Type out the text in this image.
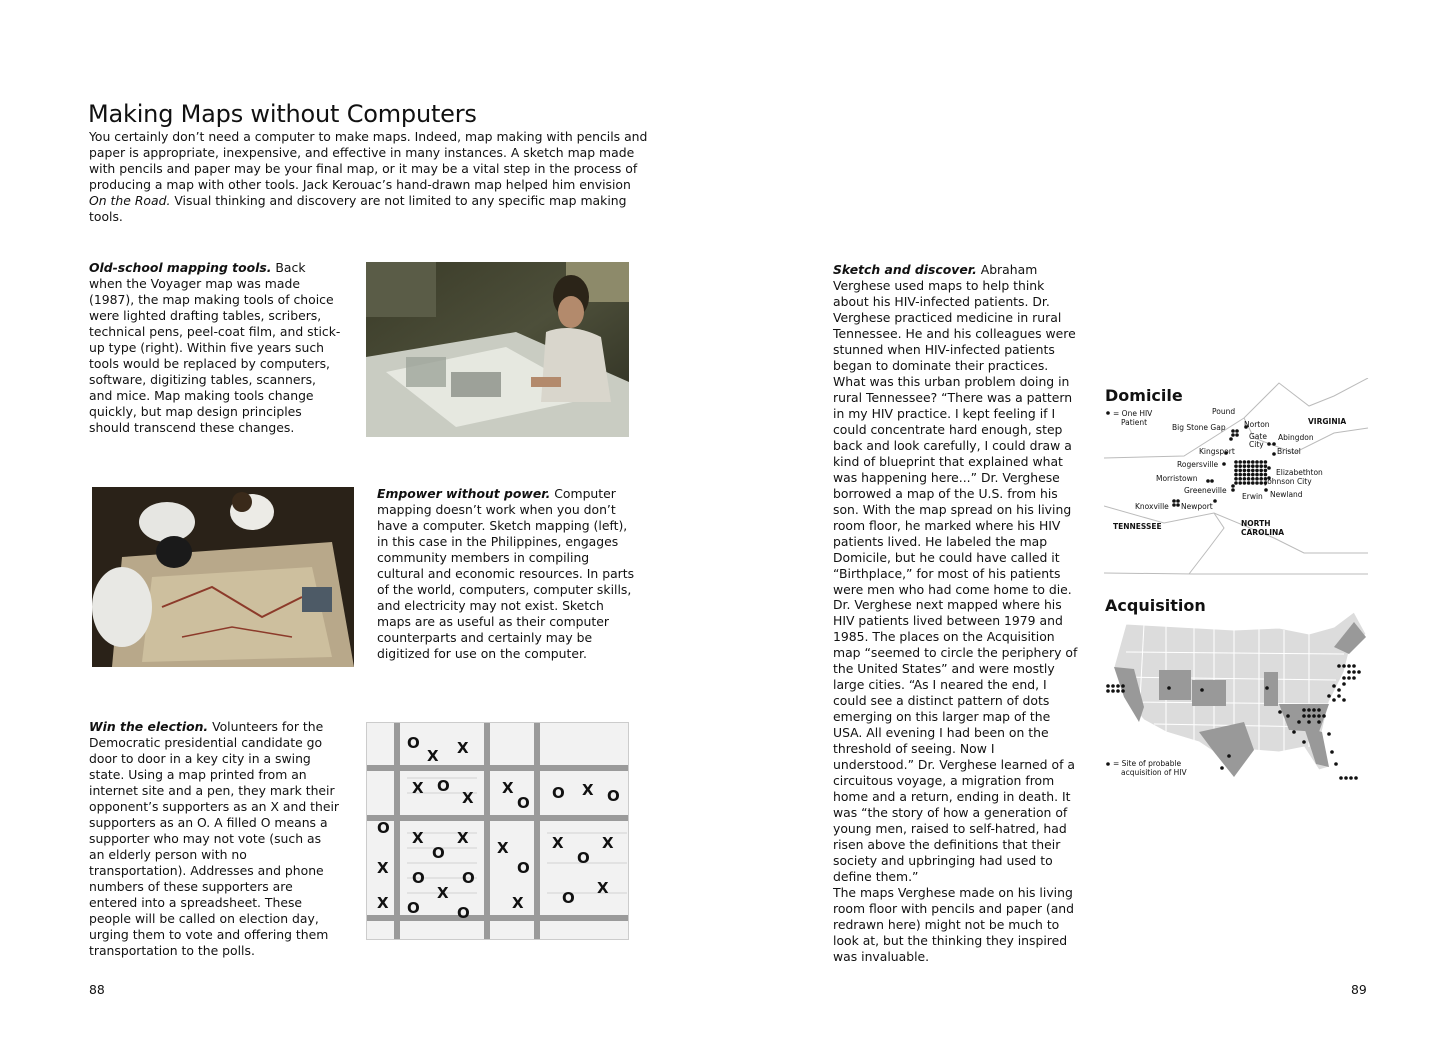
Making Maps without Computers

You certainly don’t need a computer to make maps. Indeed, map making with pencils and paper is appropriate, inexpensive, and effective in many instances. A sketch map made with pencils and paper may be your final map, or it may be a vital step in the process of producing a map with other tools. Jack Kerouac’s hand-drawn map helped him envision On the Road. Visual thinking and discovery are not limited to any specific map making tools.

Old-school mapping tools. Back when the Voyager map was made (1987), the map making tools of choice were lighted drafting tables, scribers, technical pens, peel-coat film, and stick-up type (right). Within five years such tools would be replaced by computers, software, digitizing tables, scanners, and mice. Map making tools change quickly, but map design principles should transcend these changes.

Empower without power. Computer mapping doesn’t work when you don’t have a computer. Sketch mapping (left), in this case in the Philippines, engages community members in compiling cultural and economic resources. In parts of the world, computers, computer skills, and electricity may not exist. Sketch maps are as useful as their computer counterparts and certainly may be digitized for use on the computer.

Win the election. Volunteers for the Democratic presidential candidate go door to door in a key city in a swing state. Using a map printed from an internet site and a pen, they mark their opponent’s supporters as an X and their supporters as an O. A filled O means a supporter who may not vote (such as an elderly person with no transportation). Addresses and phone numbers of these supporters are entered into a spreadsheet. These people will be called on election day, urging them to vote and offering them transportation to the polls.

O
X X
X O
X
X
O
O X O
O
X
O
X
X
O
X
O
X
O
X
O
X
X O O
X	O
X
88

Sketch and discover. Abraham Verghese used maps to help think about his HIV-infected patients. Dr. Verghese practiced medicine in rural Tennessee. He and his colleagues were stunned when HIV-infected patients began to dominate their practices. What was this urban problem doing in rural Tennessee? “There was a pattern in my HIV practice. I kept feeling if I could concentrate hard enough, step back and look carefully, I could draw a kind of blueprint that explained what was happening here...” Dr. Verghese borrowed a map of the U.S. from his son. With the map spread on his living room floor, he marked where his HIV patients lived. He labeled the map Domicile, but he could have called it “Birthplace,” for most of his patients were men who had come home to die.

Dr. Verghese next mapped where his HIV patients lived between 1979 and 1985. The places on the Acquisition map “seemed to circle the periphery of the United States” and were mostly large cities. “As I neared the end, I could see a distinct pattern of dots emerging on this larger map of the USA. All evening I had been on the threshold of seeing. Now I understood.” Dr. Verghese learned of a circuitous voyage, a migration from home and a return, ending in death. It was “the story of how a generation of young men, raised to self-hatred, had risen above the definitions that their society and upbringing had used to define them.”

The maps Verghese made on his living room floor with pencils and paper (and redrawn here) might not be much to look at, but the thinking they inspired was invaluable.

Domicile
= One HIV
Patient
Pound
Norton
Big Stone Gap
Gate
City
Abingdon
Kingsport	Bristol
Rogersville
Elizabethton
Morristown	Johnson City
Greeneville
Erwin Newland
Knoxville Newport
VIRGINIA
TENNESSEE	NORTH
CAROLINA
Acquisition
= Site of probable
acquisition of HIV
89
